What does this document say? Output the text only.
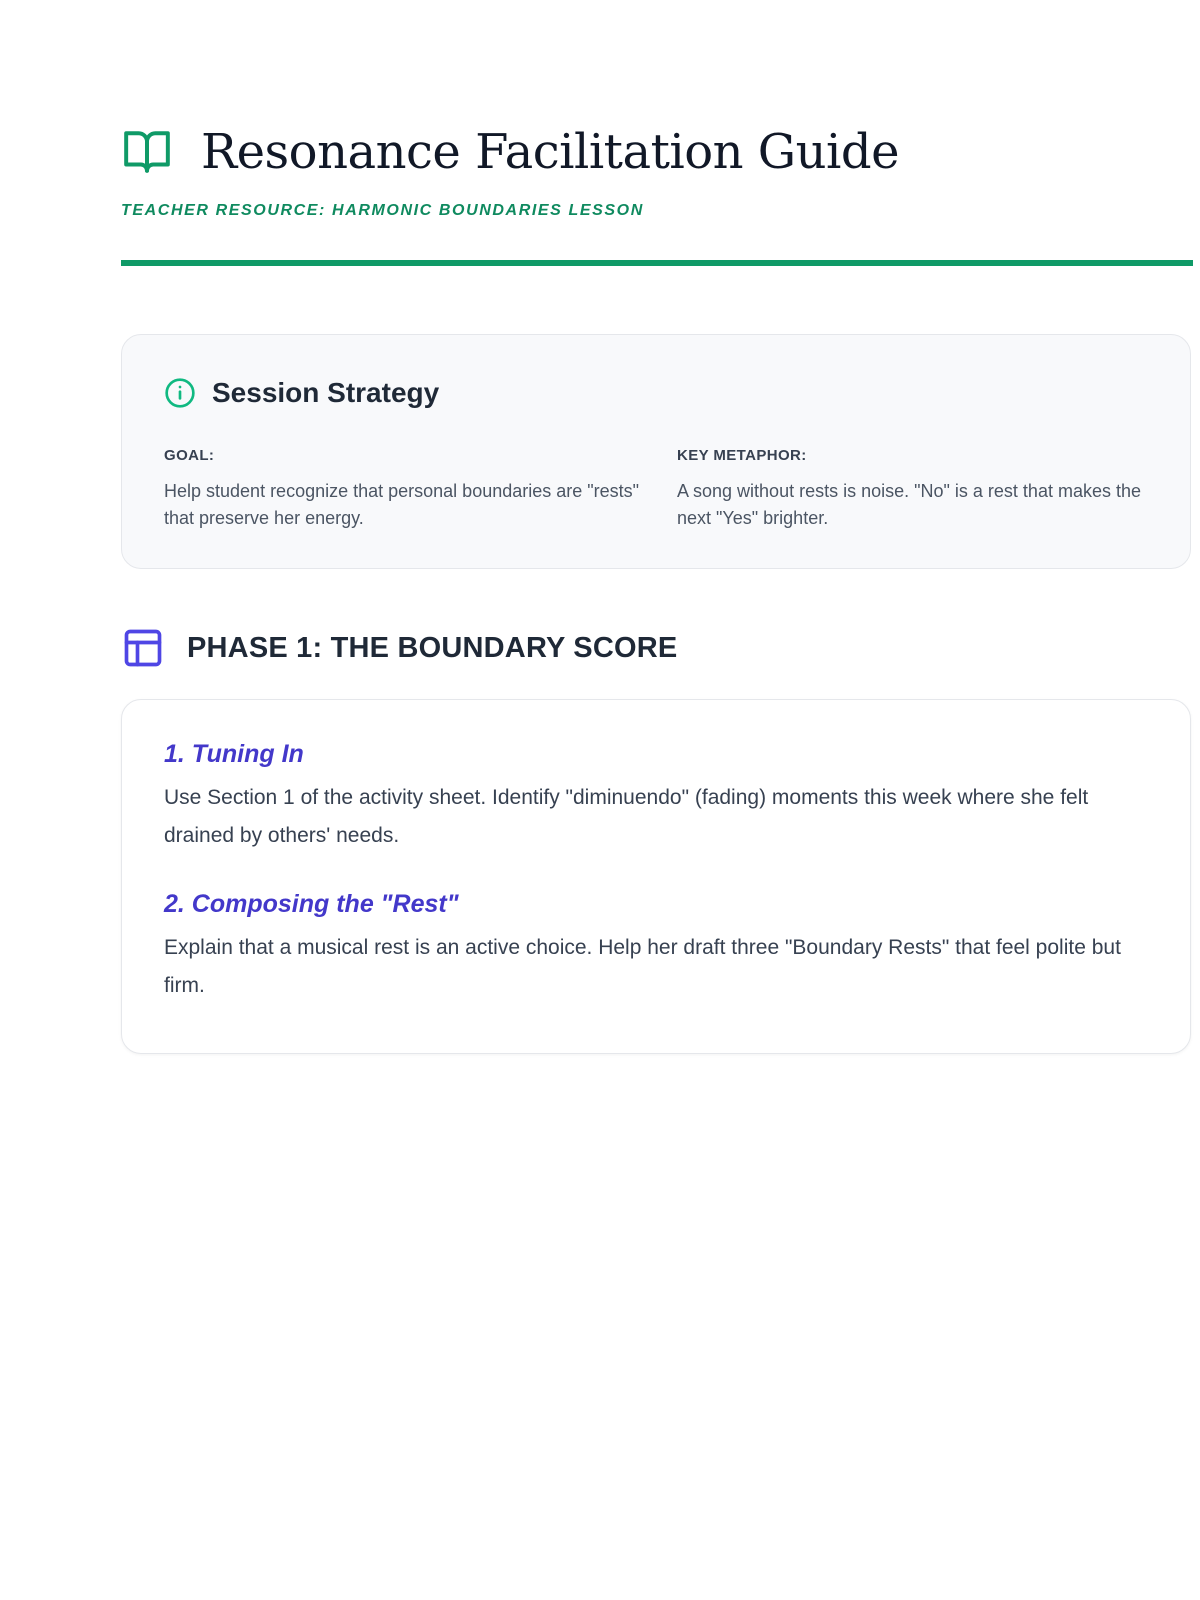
Resonance Facilitation Guide
TEACHER RESOURCE: HARMONIC BOUNDARIES LESSON
Session Strategy
GOAL:
Help student recognize that personal boundaries are "rests" that preserve her energy.
KEY METAPHOR:
A song without rests is noise. "No" is a rest that makes the next "Yes" brighter.
PHASE 1: THE BOUNDARY SCORE
1. Tuning In
Use Section 1 of the activity sheet. Identify "diminuendo" (fading) moments this week where she felt drained by others' needs.
2. Composing the "Rest"
Explain that a musical rest is an active choice. Help her draft three "Boundary Rests" that feel polite but firm.
